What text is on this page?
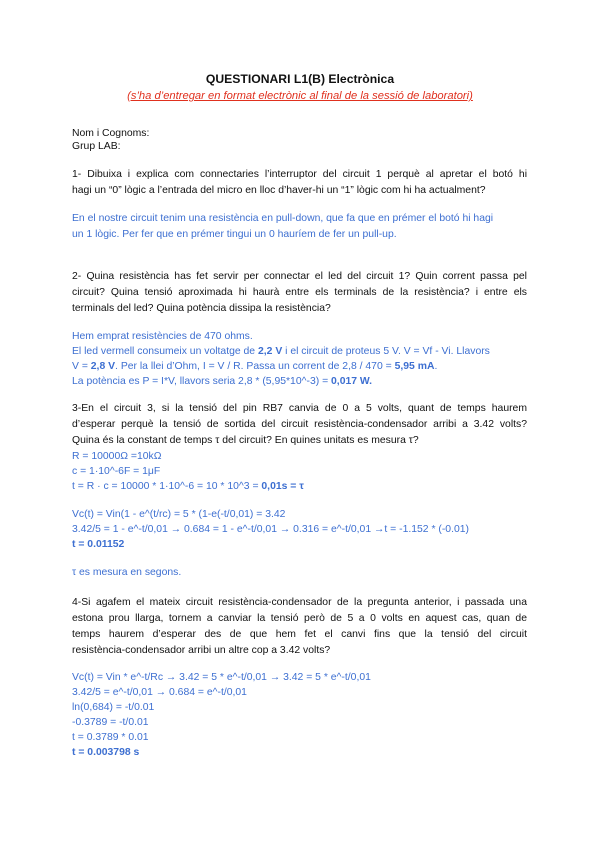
QUESTIONARI L1(B) Electrònica
(s’ha d’entregar en format electrònic al final de la sessió de laboratori)
Nom i Cognoms:
Grup LAB:
1- Dibuixa i explica com connectaries l’interruptor del circuit 1 perquè al apretar el botó hi
hagi un “0” lògic a l’entrada del micro en lloc d’haver-hi un “1” lògic com hi ha actualment?
En el nostre circuit tenim una resistència en pull-down, que fa que en prémer el botó hi hagi
un 1 lògic. Per fer que en prémer tingui un 0 hauríem de fer un pull-up.
2- Quina resistència has fet servir per connectar el led del circuit 1? Quin corrent passa pel
circuit? Quina tensió aproximada hi haurà entre els terminals de la resistència? i entre els
terminals del led? Quina potència dissipa la resistència?
Hem emprat resistències de 470 ohms.
El led vermell consumeix un voltatge de 2,2 V i el circuit de proteus 5 V. V = Vf - Vi. Llavors
V = 2,8 V. Per la llei d’Ohm, I = V / R. Passa un corrent de 2,8 / 470 = 5,95 mA.
La potència es P = I*V, llavors seria 2,8 * (5,95*10^-3) = 0,017 W.
3-En el circuit 3, si la tensió del pin RB7 canvia de 0 a 5 volts, quant de temps haurem
d’esperar perquè la tensió de sortida del circuit resistència-condensador arribi a 3.42 volts?
Quina és la constant de temps τ del circuit? En quines unitats es mesura τ?
R = 10000Ω =10kΩ
c = 1·10^-6F = 1μF
t = R · c = 10000 * 1·10^-6 = 10 * 10^3 = 0,01s = τ
Vc(t) = Vin(1 - e^(t/rc) = 5 * (1-e(-t/0,01) = 3.42
3.42/5 = 1 - e^-t/0,01 → 0.684 = 1 - e^-t/0,01 → 0.316 = e^-t/0,01 →t = -1.152 * (-0.01)
t = 0.01152
τ es mesura en segons.
4-Si agafem el mateix circuit resistència-condensador de la pregunta anterior, i passada una
estona prou llarga, tornem a canviar la tensió però de 5 a 0 volts en aquest cas, quan de
temps haurem d’esperar des de que hem fet el canvi fins que la tensió del circuit
resistència-condensador arribi un altre cop a 3.42 volts?
Vc(t) = Vin * e^-t/Rc → 3.42 = 5 * e^-t/0,01 → 3.42 = 5 * e^-t/0,01
3.42/5 = e^-t/0,01 → 0.684 = e^-t/0,01
ln(0,684) = -t/0.01
-0.3789 = -t/0.01
t = 0.3789 * 0.01
t = 0.003798 s
